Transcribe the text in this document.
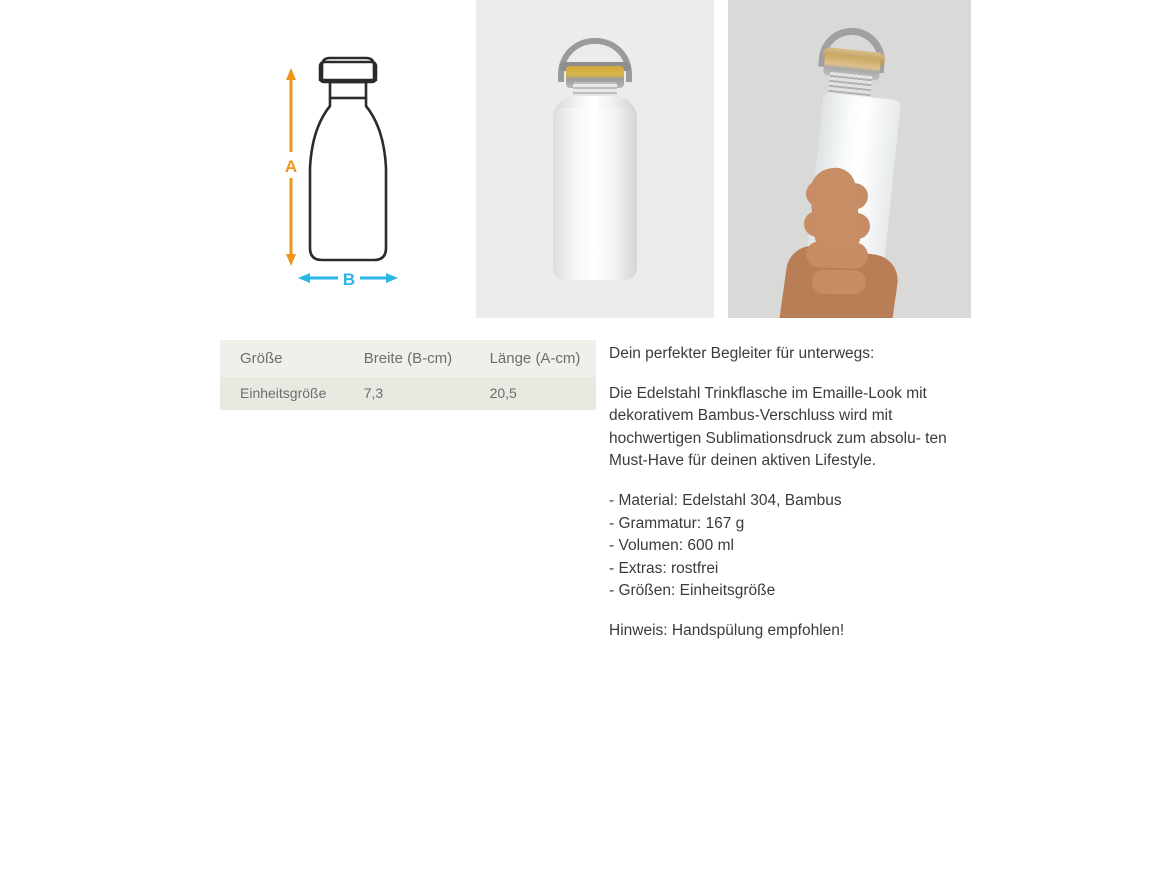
A
B
Größe	Breite (B-cm)	Länge (A-cm)
Einheitsgröße	7,3	20,5

Dein perfekter Begleiter für unterwegs:

Die Edelstahl Trinkflasche im Emaille-Look mit dekorativem Bambus-Verschluss wird mit hochwertigen Sublimationsdruck zum absolu- ten Must-Have für deinen aktiven Lifestyle.

- Material: Edelstahl 304, Bambus
- Grammatur: 167 g
- Volumen: 600 ml
- Extras: rostfrei
- Größen: Einheitsgröße

Hinweis: Handspülung empfohlen!
